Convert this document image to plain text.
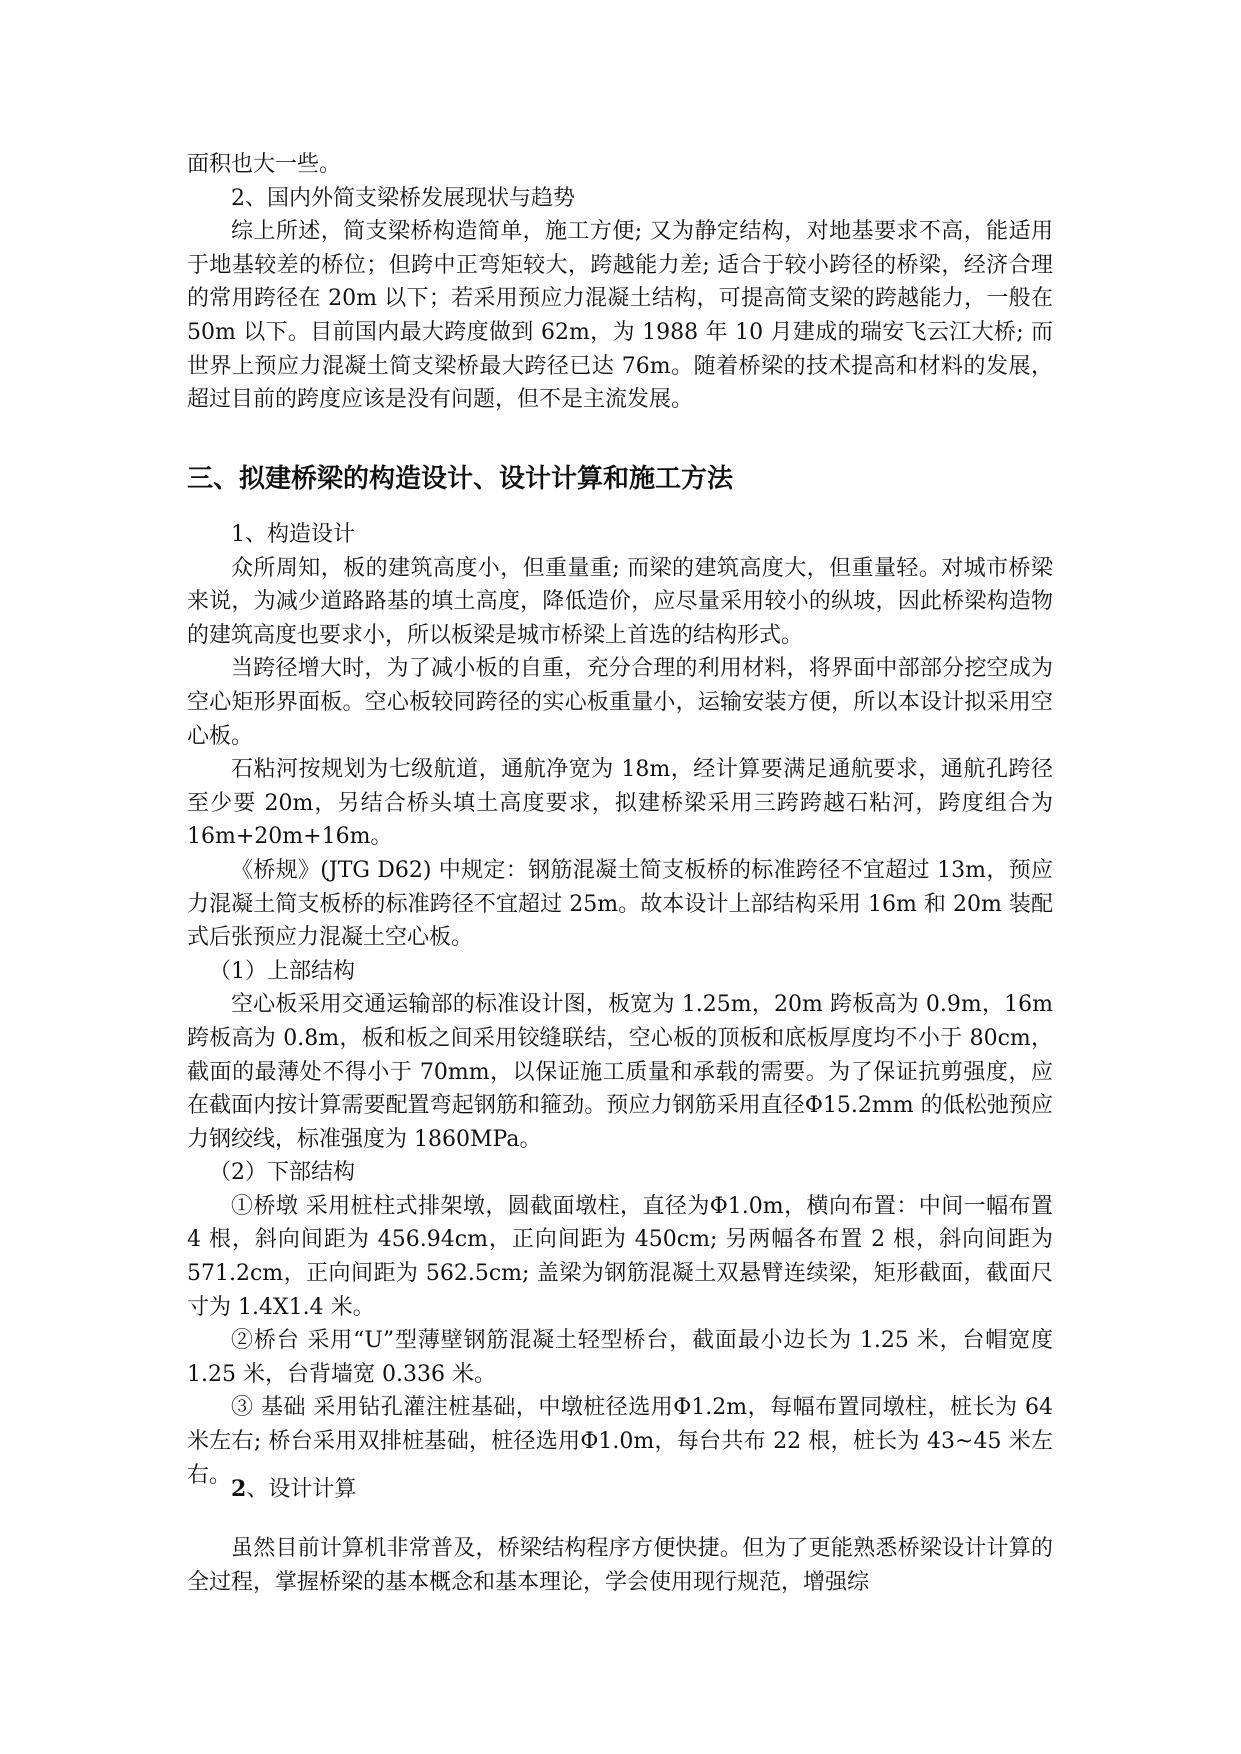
面积也大一些。

2、国内外简支梁桥发展现状与趋势

综上所述，简支梁桥构造简单，施工方便; 又为静定结构，对地基要求不高，能适用于地基较差的桥位；但跨中正弯矩较大，跨越能力差; 适合于较小跨径的桥梁，经济合理的常用跨径在 20m 以下；若采用预应力混凝土结构，可提高简支梁的跨越能力，一般在 50m 以下。目前国内最大跨度做到 62m，为 1988 年 10 月建成的瑞安飞云江大桥; 而世界上预应力混凝土简支梁桥最大跨径已达 76m。随着桥梁的技术提高和材料的发展，超过目前的跨度应该是没有问题，但不是主流发展。

三、拟建桥梁的构造设计、设计计算和施工方法

1、构造设计

众所周知，板的建筑高度小，但重量重; 而梁的建筑高度大，但重量轻。对城市桥梁来说，为减少道路路基的填土高度，降低造价，应尽量采用较小的纵坡，因此桥梁构造物的建筑高度也要求小，所以板梁是城市桥梁上首选的结构形式。

当跨径增大时，为了减小板的自重，充分合理的利用材料，将界面中部部分挖空成为空心矩形界面板。空心板较同跨径的实心板重量小，运输安装方便，所以本设计拟采用空心板。

石粘河按规划为七级航道，通航净宽为 18m，经计算要满足通航要求，通航孔跨径至少要 20m，另结合桥头填土高度要求，拟建桥梁采用三跨跨越石粘河，跨度组合为 16m+20m+16m。

《桥规》(JTG D62) 中规定：钢筋混凝土简支板桥的标准跨径不宜超过 13m，预应力混凝土简支板桥的标准跨径不宜超过 25m。故本设计上部结构采用 16m 和 20m 装配式后张预应力混凝土空心板。

（1）上部结构

空心板采用交通运输部的标准设计图，板宽为 1.25m，20m 跨板高为 0.9m，16m 跨板高为 0.8m，板和板之间采用铰缝联结，空心板的顶板和底板厚度均不小于 80cm，截面的最薄处不得小于 70mm，以保证施工质量和承载的需要。为了保证抗剪强度，应在截面内按计算需要配置弯起钢筋和箍劲。预应力钢筋采用直径Φ15.2mm 的低松弛预应力钢绞线，标准强度为 1860MPa。

（2）下部结构

①桥墩 采用桩柱式排架墩，圆截面墩柱，直径为Φ1.0m，横向布置：中间一幅布置 4 根，斜向间距为 456.94cm，正向间距为 450cm; 另两幅各布置 2 根，斜向间距为 571.2cm，正向间距为 562.5cm; 盖梁为钢筋混凝土双悬臂连续梁，矩形截面，截面尺寸为 1.4X1.4 米。

②桥台 采用“U”型薄壁钢筋混凝土轻型桥台，截面最小边长为 1.25 米，台帽宽度 1.25 米，台背墙宽 0.336 米。

③ 基础 采用钻孔灌注桩基础，中墩桩径选用Φ1.2m，每幅布置同墩柱，桩长为 64 米左右; 桥台采用双排桩基础，桩径选用Φ1.0m，每台共布 22 根，桩长为 43~45 米左右。

2、设计计算

虽然目前计算机非常普及，桥梁结构程序方便快捷。但为了更能熟悉桥梁设计计算的全过程，掌握桥梁的基本概念和基本理论，学会使用现行规范，增强综
